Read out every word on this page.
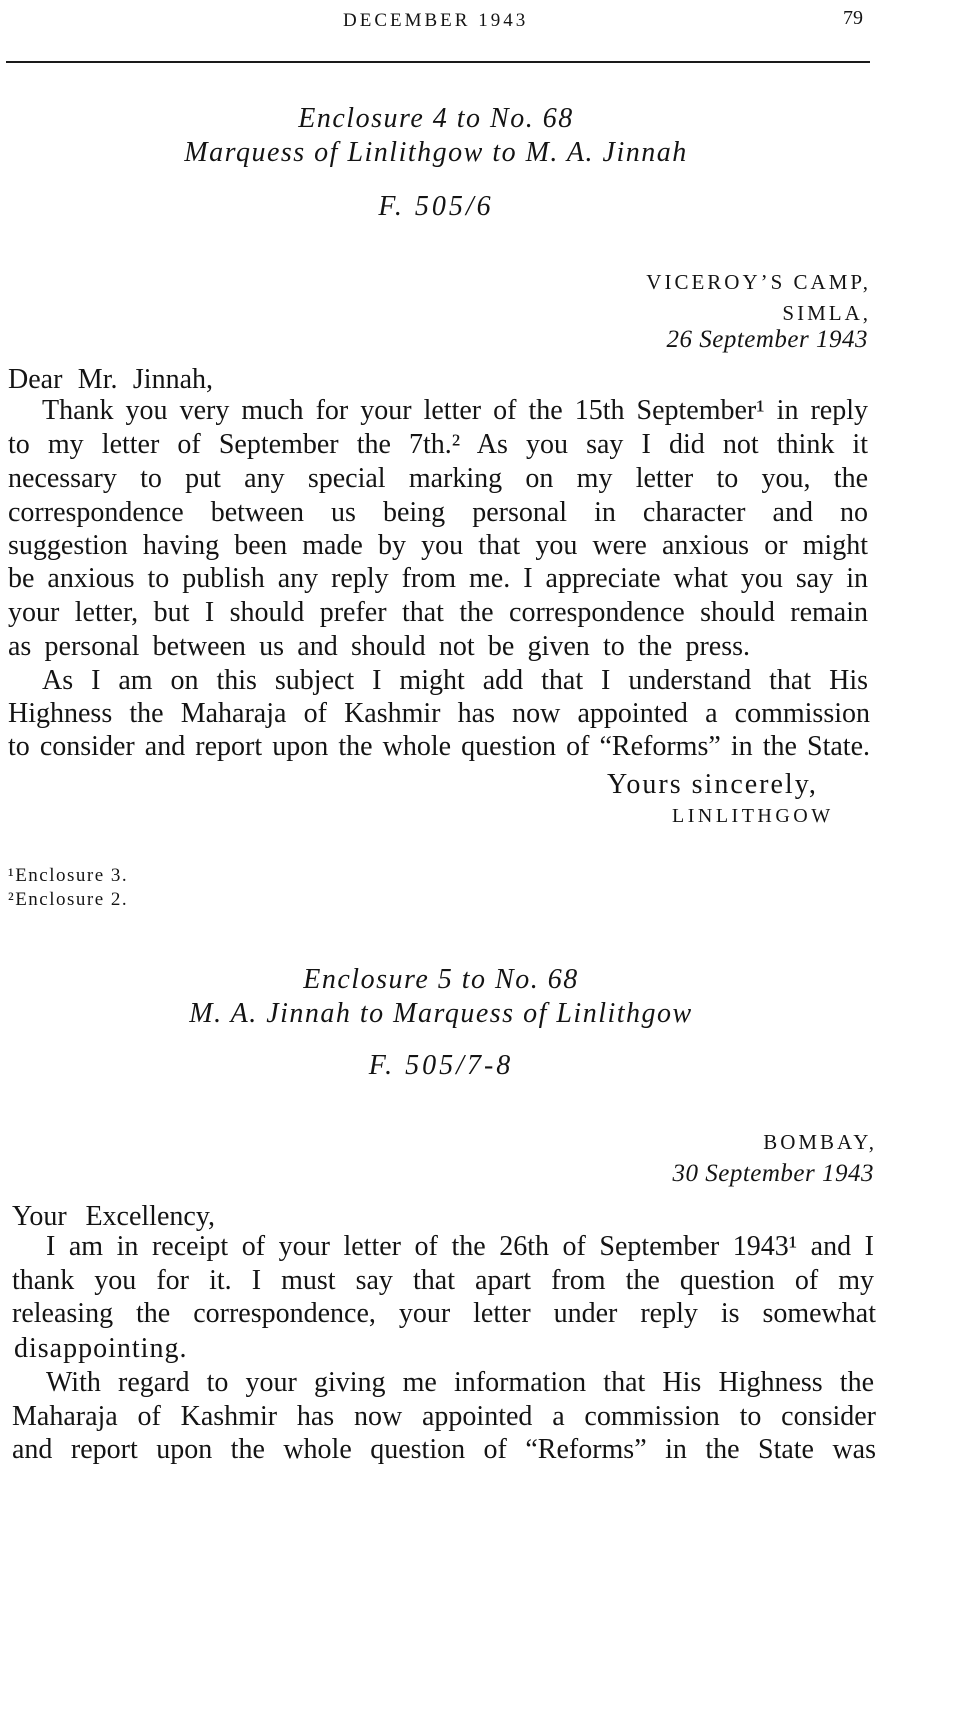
DECEMBER 1943	79
Enclosure 4 to No. 68
Marquess of Linlithgow to M. A. Jinnah
F. 505/6
VICEROY’S CAMP,
SIMLA,
26 September 1943
Dear Mr. Jinnah,
Thank you very much for your letter of the 15th September¹ in reply
to my letter of September the 7th.² As you say I did not think it
necessary to put any special marking on my letter to you, the
correspondence between us being personal in character and no
suggestion having been made by you that you were anxious or might
be anxious to publish any reply from me. I appreciate what you say in
your letter, but I should prefer that the correspondence should remain
as personal between us and should not be given to the press.
As I am on this subject I might add that I understand that His
Highness the Maharaja of Kashmir has now appointed a commission
to consider and report upon the whole question of “Reforms” in the State.
Yours sincerely,
LINLITHGOW
¹Enclosure 3.
²Enclosure 2.
Enclosure 5 to No. 68
M. A. Jinnah to Marquess of Linlithgow
F. 505/7-8
BOMBAY,
30 September 1943
Your Excellency,
I am in receipt of your letter of the 26th of September 1943¹ and I
thank you for it. I must say that apart from the question of my
releasing the correspondence, your letter under reply is somewhat
disappointing.
With regard to your giving me information that His Highness the
Maharaja of Kashmir has now appointed a commission to consider
and report upon the whole question of “Reforms” in the State was
